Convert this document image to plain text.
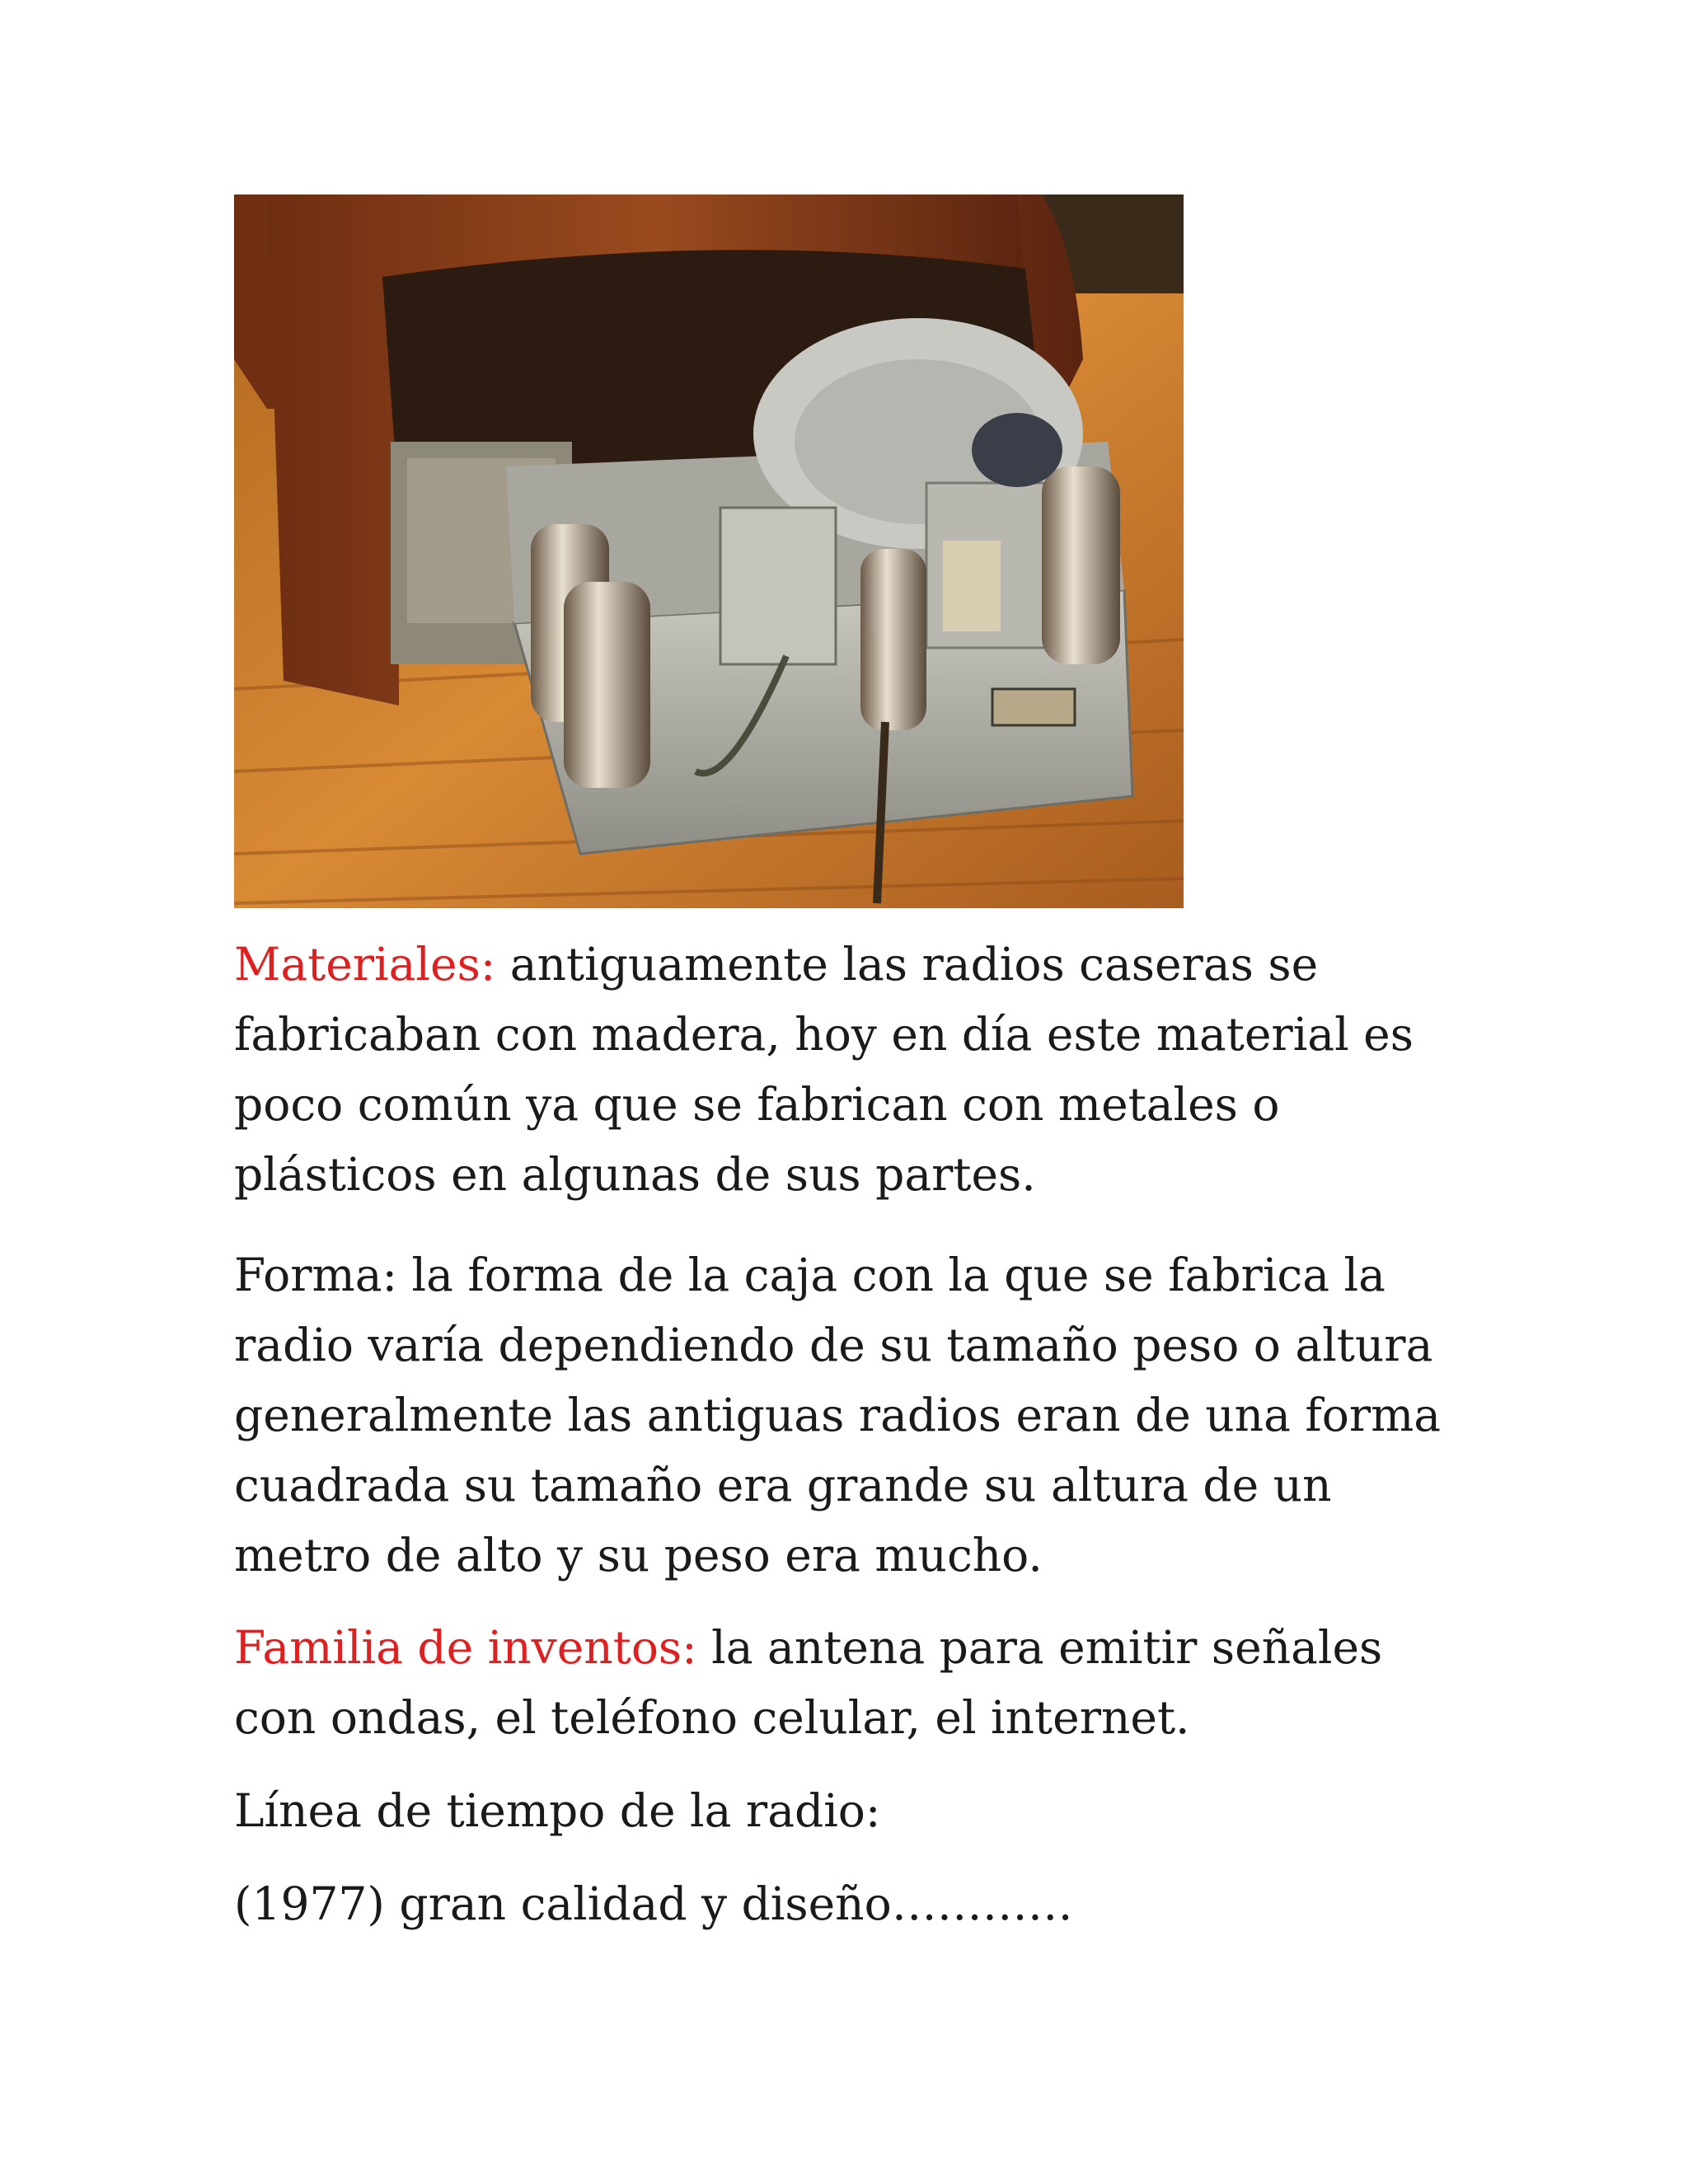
Materiales: antiguamente las radios caseras se fabricaban con madera, hoy en día este material es poco común ya que se fabrican con metales o plásticos en algunas de sus partes.

Forma: la forma de la caja con la que se fabrica la radio varía dependiendo de su tamaño peso o altura generalmente las antiguas radios eran de una forma cuadrada su tamaño era grande su altura de un metro de alto y su peso era mucho.

Familia de inventos: la antena para emitir señales con ondas, el teléfono celular, el internet.

Línea de tiempo de la radio:

(1977) gran calidad y diseño…………
